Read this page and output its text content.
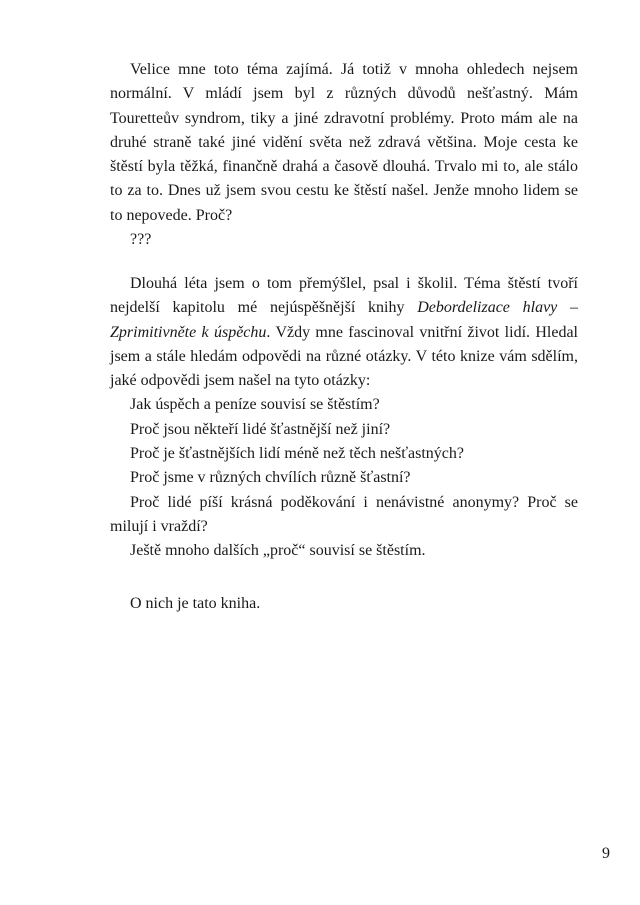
Velice mne toto téma zajímá. Já totiž v mnoha ohledech nejsem normální. V mládí jsem byl z různých důvodů nešťastný. Mám Tourettеův syndrom, tiky a jiné zdravotní problémy. Proto mám ale na druhé straně také jiné vidění světa než zdravá většina. Moje cesta ke štěstí byla těžká, finančně drahá a časově dlouhá. Trvalo mi to, ale stálo to za to. Dnes už jsem svou cestu ke štěstí našel. Jenže mnoho lidem se to nepovede. Proč?

???

Dlouhá léta jsem o tom přemýšlel, psal i školil. Téma štěstí tvoří nejdelší kapitolu mé nejúspěšnější knihy Debordelizace hlavy – Zprimitivněte k úspěchu. Vždy mne fascinoval vnitřní život lidí. Hledal jsem a stále hledám odpovědi na různé otázky. V této knize vám sdělím, jaké odpovědi jsem našel na tyto otázky:

Jak úspěch a peníze souvisí se štěstím?

Proč jsou někteří lidé šťastnější než jiní?

Proč je šťastnějších lidí méně než těch nešťastných?

Proč jsme v různých chvílích různě šťastní?

Proč lidé píší krásná poděkování i nenávistné anonymy? Proč se milují i vraždí?

Ještě mnoho dalších „proč“ souvisí se štěstím.

O nich je tato kniha.

9
